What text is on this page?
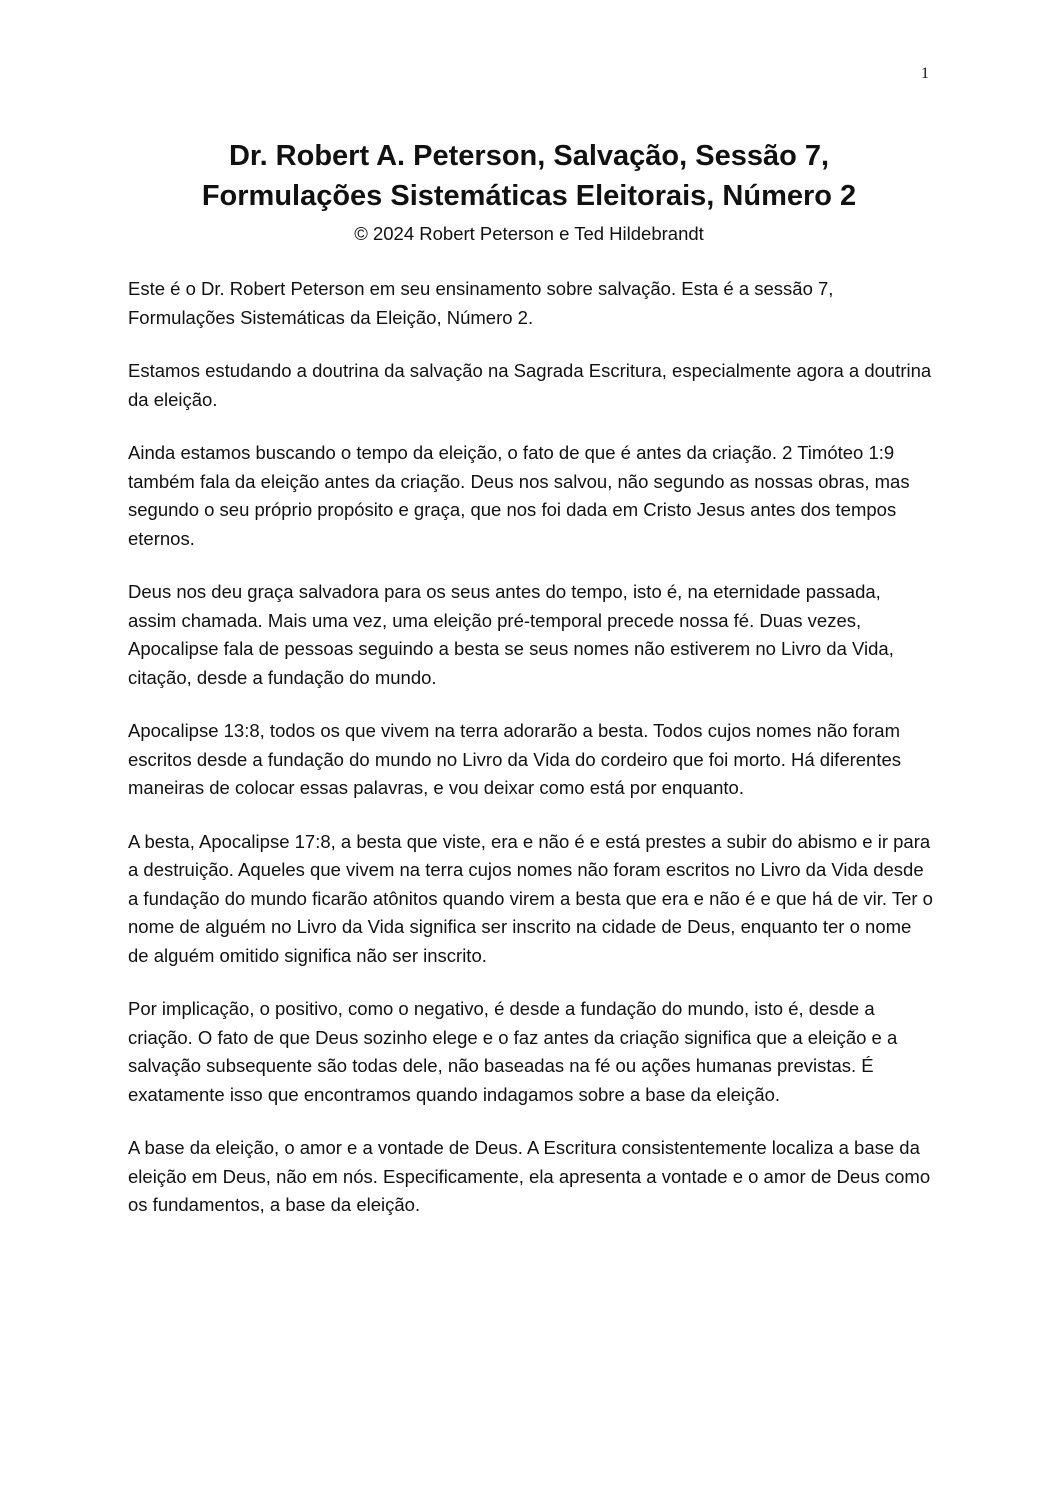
1
Dr. Robert A. Peterson, Salvação, Sessão 7,
Formulações Sistemáticas Eleitorais, Número 2
© 2024 Robert Peterson e Ted Hildebrandt

Este é o Dr. Robert Peterson em seu ensinamento sobre salvação. Esta é a sessão 7, Formulações Sistemáticas da Eleição, Número 2.

Estamos estudando a doutrina da salvação na Sagrada Escritura, especialmente agora a doutrina da eleição.

Ainda estamos buscando o tempo da eleição, o fato de que é antes da criação. 2 Timóteo 1:9 também fala da eleição antes da criação. Deus nos salvou, não segundo as nossas obras, mas segundo o seu próprio propósito e graça, que nos foi dada em Cristo Jesus antes dos tempos eternos.

Deus nos deu graça salvadora para os seus antes do tempo, isto é, na eternidade passada, assim chamada. Mais uma vez, uma eleição pré-temporal precede nossa fé. Duas vezes, Apocalipse fala de pessoas seguindo a besta se seus nomes não estiverem no Livro da Vida, citação, desde a fundação do mundo.

Apocalipse 13:8, todos os que vivem na terra adorarão a besta. Todos cujos nomes não foram escritos desde a fundação do mundo no Livro da Vida do cordeiro que foi morto. Há diferentes maneiras de colocar essas palavras, e vou deixar como está por enquanto.

A besta, Apocalipse 17:8, a besta que viste, era e não é e está prestes a subir do abismo e ir para a destruição. Aqueles que vivem na terra cujos nomes não foram escritos no Livro da Vida desde a fundação do mundo ficarão atônitos quando virem a besta que era e não é e que há de vir. Ter o nome de alguém no Livro da Vida significa ser inscrito na cidade de Deus, enquanto ter o nome de alguém omitido significa não ser inscrito.

Por implicação, o positivo, como o negativo, é desde a fundação do mundo, isto é, desde a criação. O fato de que Deus sozinho elege e o faz antes da criação significa que a eleição e a salvação subsequente são todas dele, não baseadas na fé ou ações humanas previstas. É exatamente isso que encontramos quando indagamos sobre a base da eleição.

A base da eleição, o amor e a vontade de Deus. A Escritura consistentemente localiza a base da eleição em Deus, não em nós. Especificamente, ela apresenta a vontade e o amor de Deus como os fundamentos, a base da eleição.
